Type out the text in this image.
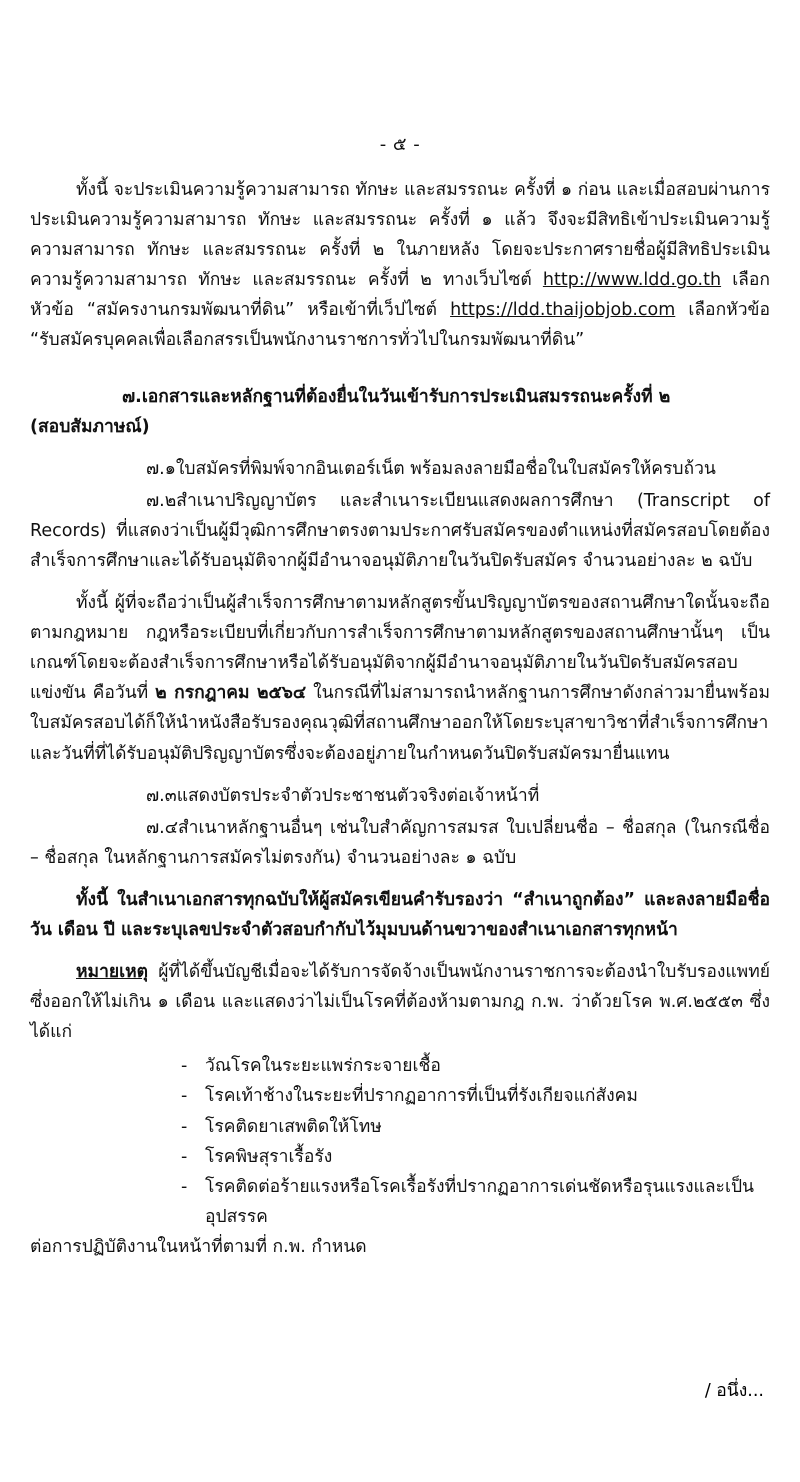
- ๕ -

ทั้งนี้ จะประเมินความรู้ความสามารถ ทักษะ และสมรรถนะ ครั้งที่ ๑ ก่อน และเมื่อสอบผ่านการประเมินความรู้ความสามารถ ทักษะ และสมรรถนะ ครั้งที่ ๑ แล้ว จึงจะมีสิทธิเข้าประเมินความรู้ความสามารถ ทักษะ และสมรรถนะ ครั้งที่ ๒ ในภายหลัง โดยจะประกาศรายชื่อผู้มีสิทธิประเมินความรู้ความสามารถ ทักษะ และสมรรถนะ ครั้งที่ ๒ ทางเว็บไซต์ http://www.ldd.go.th เลือกหัวข้อ “สมัครงานกรมพัฒนาที่ดิน” หรือเข้าที่เว็ปไซต์ https://ldd.thaijobjob.com เลือกหัวข้อ “รับสมัครบุคคลเพื่อเลือกสรรเป็นพนักงานราชการทั่วไปในกรมพัฒนาที่ดิน”

๗.เอกสารและหลักฐานที่ต้องยื่นในวันเข้ารับการประเมินสมรรถนะครั้งที่ ๒

(สอบสัมภาษณ์)

๗.๑ใบสมัครที่พิมพ์จากอินเตอร์เน็ต พร้อมลงลายมือชื่อในใบสมัครให้ครบถ้วน

๗.๒สำเนาปริญญาบัตร และสำเนาระเบียนแสดงผลการศึกษา (Transcript of Records) ที่แสดงว่าเป็นผู้มีวุฒิการศึกษาตรงตามประกาศรับสมัครของตำแหน่งที่สมัครสอบโดยต้องสำเร็จการศึกษาและได้รับอนุมัติจากผู้มีอำนาจอนุมัติภายในวันปิดรับสมัคร จำนวนอย่างละ ๒ ฉบับ

ทั้งนี้ ผู้ที่จะถือว่าเป็นผู้สำเร็จการศึกษาตามหลักสูตรขั้นปริญญาบัตรของสถานศึกษาใดนั้นจะถือตามกฎหมาย กฎหรือระเบียบที่เกี่ยวกับการสำเร็จการศึกษาตามหลักสูตรของสถานศึกษานั้นๆ เป็นเกณฑ์โดยจะต้องสำเร็จการศึกษาหรือได้รับอนุมัติจากผู้มีอำนาจอนุมัติภายในวันปิดรับสมัครสอบแข่งขัน คือวันที่ ๒ กรกฎาคม ๒๕๖๔ ในกรณีที่ไม่สามารถนำหลักฐานการศึกษาดังกล่าวมายื่นพร้อมใบสมัครสอบได้ก็ให้นำหนังสือรับรองคุณวุฒิที่สถานศึกษาออกให้โดยระบุสาขาวิชาที่สำเร็จการศึกษาและวันที่ที่ได้รับอนุมัติปริญญาบัตรซึ่งจะต้องอยู่ภายในกำหนดวันปิดรับสมัครมายื่นแทน

๗.๓แสดงบัตรประจำตัวประชาชนตัวจริงต่อเจ้าหน้าที่

๗.๔สำเนาหลักฐานอื่นๆ เช่นใบสำคัญการสมรส ใบเปลี่ยนชื่อ – ชื่อสกุล (ในกรณีชื่อ – ชื่อสกุล ในหลักฐานการสมัครไม่ตรงกัน) จำนวนอย่างละ ๑ ฉบับ

ทั้งนี้ ในสำเนาเอกสารทุกฉบับให้ผู้สมัครเขียนคำรับรองว่า “สำเนาถูกต้อง” และลงลายมือชื่อ วัน เดือน ปี และระบุเลขประจำตัวสอบกำกับไว้มุมบนด้านขวาของสำเนาเอกสารทุกหน้า

หมายเหตุ ผู้ที่ได้ขึ้นบัญชีเมื่อจะได้รับการจัดจ้างเป็นพนักงานราชการจะต้องนำใบรับรองแพทย์ ซึ่งออกให้ไม่เกิน ๑ เดือน และแสดงว่าไม่เป็นโรคที่ต้องห้ามตามกฎ ก.พ. ว่าด้วยโรค พ.ศ.๒๕๕๓ ซึ่งได้แก่

- วัณโรคในระยะแพร่กระจายเชื้อ
- โรคเท้าช้างในระยะที่ปรากฏอาการที่เป็นที่รังเกียจแก่สังคม
- โรคติดยาเสพติดให้โทษ
- โรคพิษสุราเรื้อรัง
- โรคติดต่อร้ายแรงหรือโรคเรื้อรังที่ปรากฏอาการเด่นชัดหรือรุนแรงและเป็นอุปสรรค

ต่อการปฏิบัติงานในหน้าที่ตามที่ ก.พ. กำหนด

/ อนึ่ง...
